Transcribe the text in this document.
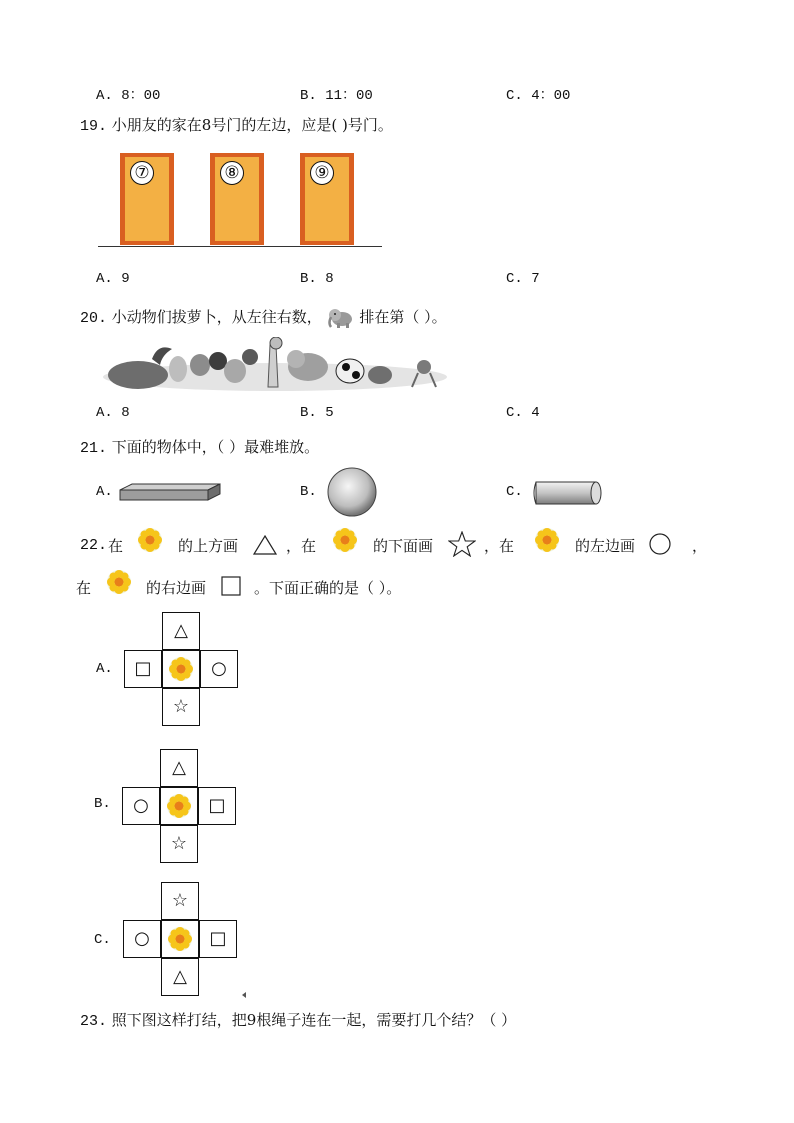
A. 8：00	B. 11：00	C. 4：00
19. 小朋友的家在8号门的左边，应是( )号门。
⑦	⑧	⑨
A. 9	B. 8	C. 7
20. 小动物们拔萝卜，从左往右数，	排在第（ ）。
A. 8	B. 5	C. 4
21. 下面的物体中，（ ）最难堆放。
A.	B.	C.
22. 在	的上方画	，在	的下面画	，在	的左边画	，
在	的右边画	。下面正确的是（ ）。
A.
△
□	○
☆
B.
△
○	□
☆
C.
☆
○	□
△
23. 照下图这样打结，把9根绳子连在一起，需要打几个结？（ ）
